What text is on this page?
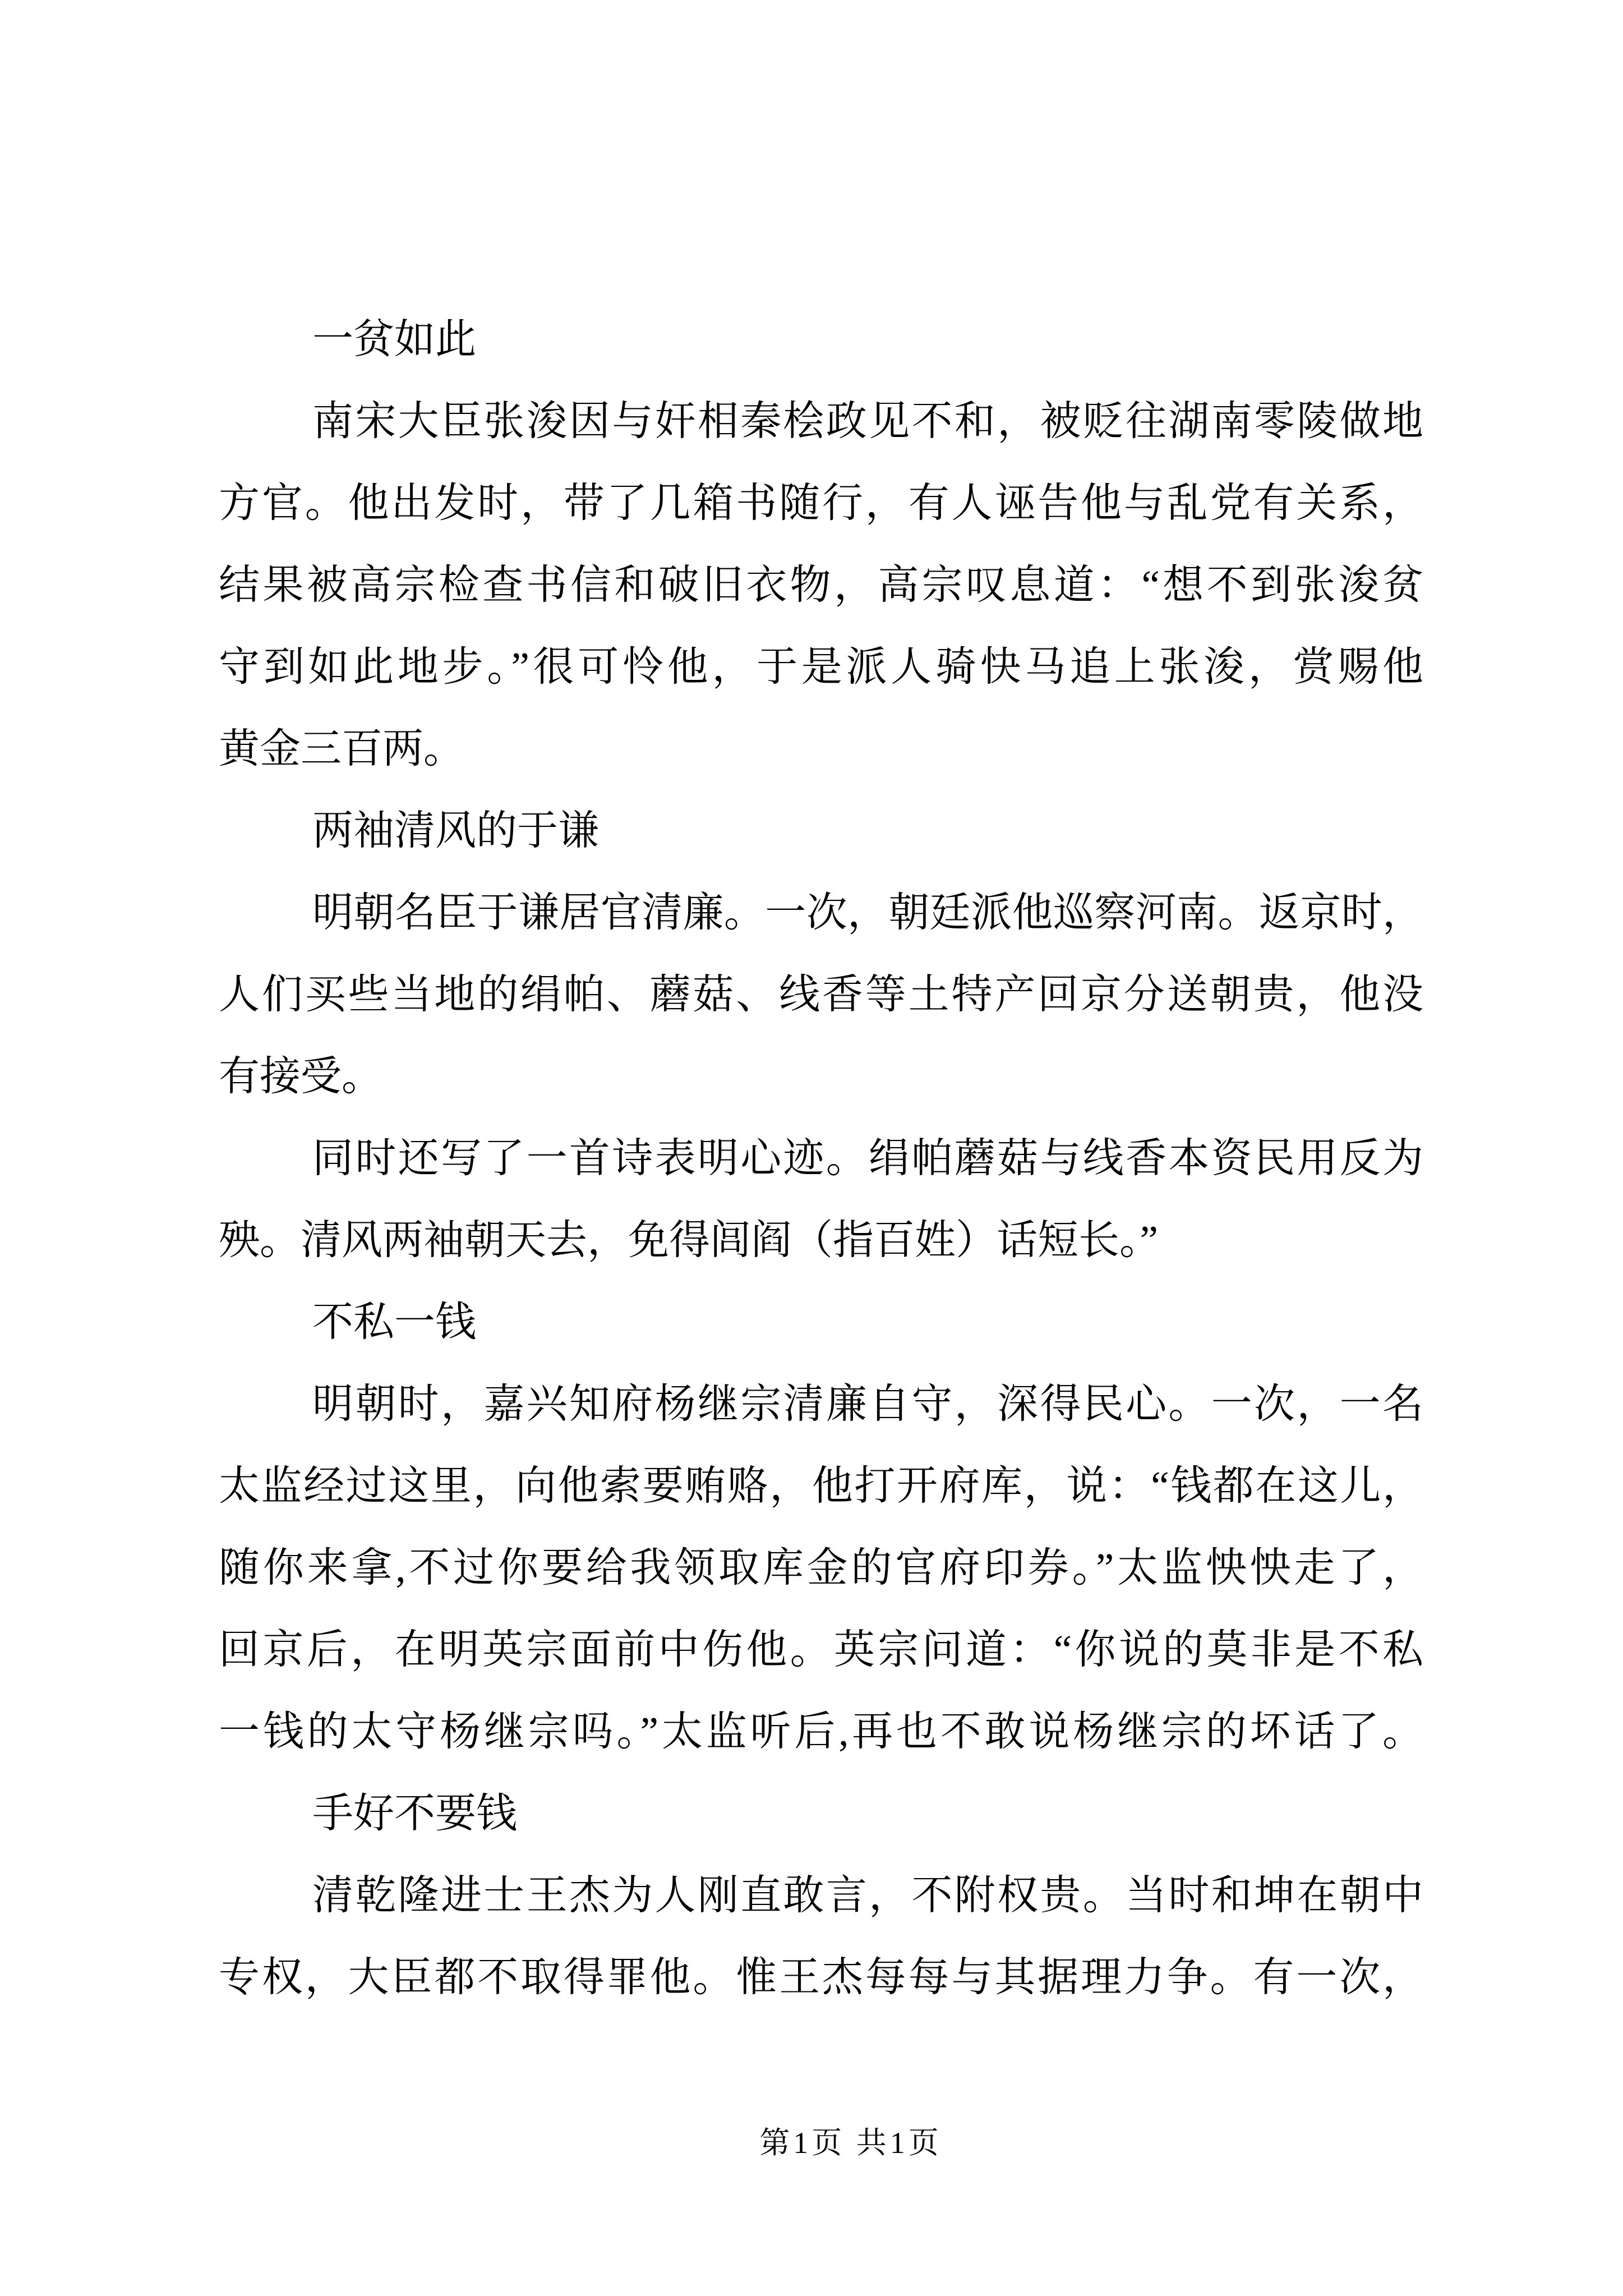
一贫如此
南宋大臣张浚因与奸相秦桧政见不和，被贬往湖南零陵做地
方官。他出发时，带了几箱书随行，有人诬告他与乱党有关系，
结果被高宗检查书信和破旧衣物，高宗叹息道：“想不到张浚贫
守到如此地步。”很可怜他，于是派人骑快马追上张浚，赏赐他
黄金三百两。
两袖清风的于谦
明朝名臣于谦居官清廉。一次，朝廷派他巡察河南。返京时，
人们买些当地的绢帕、蘑菇、线香等土特产回京分送朝贵，他没
有接受。
同时还写了一首诗表明心迹。绢帕蘑菇与线香本资民用反为
殃。清风两袖朝天去，免得闾阎（指百姓）话短长。”
不私一钱
明朝时，嘉兴知府杨继宗清廉自守，深得民心。一次，一名
太监经过这里，向他索要贿赂，他打开府库，说：“钱都在这儿，
随你来拿,不过你要给我领取库金的官府印券。”太监怏怏走了，
回京后，在明英宗面前中伤他。英宗问道：“你说的莫非是不私
一钱的太守杨继宗吗。”太监听后,再也不敢说杨继宗的坏话了。
手好不要钱
清乾隆进士王杰为人刚直敢言，不附权贵。当时和坤在朝中
专权，大臣都不取得罪他。惟王杰每每与其据理力争。有一次，
第1页 共1页
